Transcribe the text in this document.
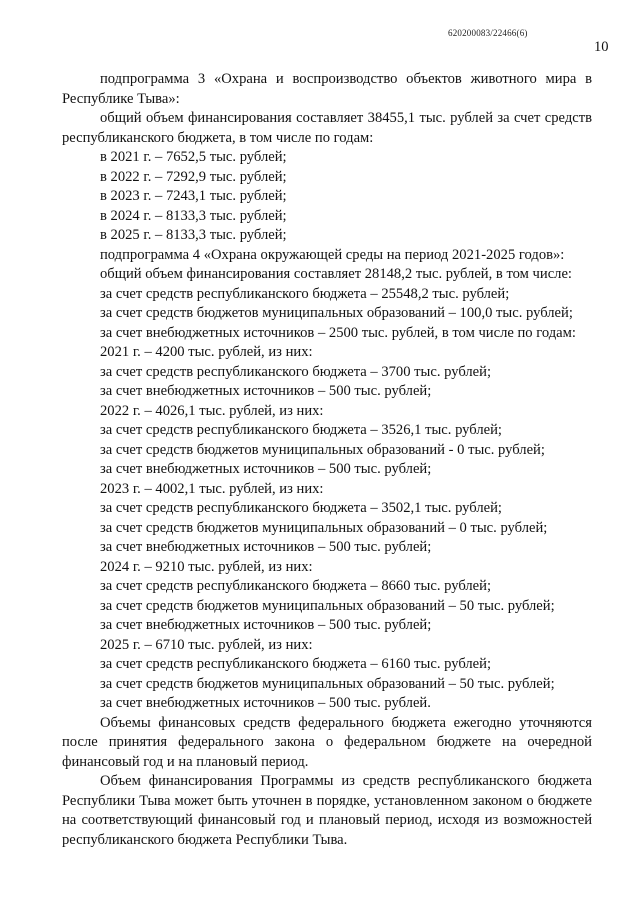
620200083/22466(6)
10

подпрограмма 3 «Охрана и воспроизводство объектов животного мира в Республике Тыва»:

общий объем финансирования составляет 38455,1 тыс. рублей за счет средств республиканского бюджета, в том числе по годам:

в 2021 г. – 7652,5 тыс. рублей;

в 2022 г. – 7292,9 тыс. рублей;

в 2023 г. – 7243,1 тыс. рублей;

в 2024 г. – 8133,3 тыс. рублей;

в 2025 г. – 8133,3 тыс. рублей;

подпрограмма 4 «Охрана окружающей среды на период 2021-2025 годов»:

общий объем финансирования составляет 28148,2 тыс. рублей, в том числе:

за счет средств республиканского бюджета – 25548,2 тыс. рублей;

за счет средств бюджетов муниципальных образований – 100,0 тыс. рублей;

за счет внебюджетных источников – 2500 тыс. рублей, в том числе по годам:

2021 г. – 4200 тыс. рублей, из них:

за счет средств республиканского бюджета – 3700 тыс. рублей;

за счет внебюджетных источников – 500 тыс. рублей;

2022 г. – 4026,1 тыс. рублей, из них:

за счет средств республиканского бюджета – 3526,1 тыс. рублей;

за счет средств бюджетов муниципальных образований - 0 тыс. рублей;

за счет внебюджетных источников – 500 тыс. рублей;

2023 г. – 4002,1 тыс. рублей, из них:

за счет средств республиканского бюджета – 3502,1 тыс. рублей;

за счет средств бюджетов муниципальных образований – 0 тыс. рублей;

за счет внебюджетных источников – 500 тыс. рублей;

2024 г. – 9210 тыс. рублей, из них:

за счет средств республиканского бюджета – 8660 тыс. рублей;

за счет средств бюджетов муниципальных образований – 50 тыс. рублей;

за счет внебюджетных источников – 500 тыс. рублей;

2025 г. – 6710 тыс. рублей, из них:

за счет средств республиканского бюджета – 6160 тыс. рублей;

за счет средств бюджетов муниципальных образований – 50 тыс. рублей;

за счет внебюджетных источников – 500 тыс. рублей.

Объемы финансовых средств федерального бюджета ежегодно уточняются после принятия федерального закона о федеральном бюджете на очередной финансовый год и на плановый период.

Объем финансирования Программы из средств республиканского бюджета Республики Тыва может быть уточнен в порядке, установленном законом о бюджете на соответствующий финансовый год и плановый период, исходя из возможностей республиканского бюджета Республики Тыва.
